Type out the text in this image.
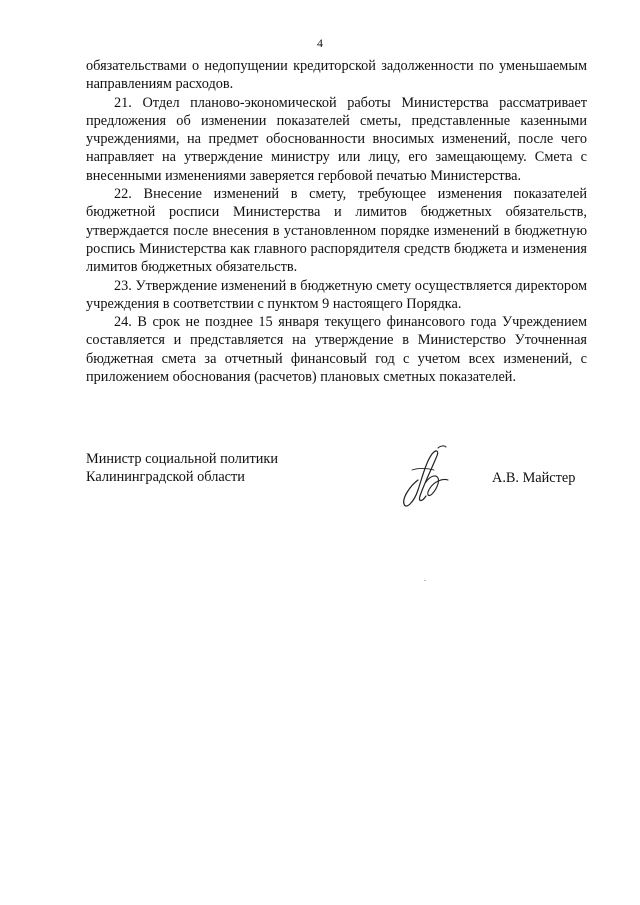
4

обязательствами о недопущении кредиторской задолженности по уменьшаемым направлениям расходов.

21. Отдел планово-экономической работы Министерства рассматривает предложения об изменении показателей сметы, представленные казенными учреждениями, на предмет обоснованности вносимых изменений, после чего направляет на утверждение министру или лицу, его замещающему. Смета с внесенными изменениями заверяется гербовой печатью Министерства.

22. Внесение изменений в смету, требующее изменения показателей бюджетной росписи Министерства и лимитов бюджетных обязательств, утверждается после внесения в установленном порядке изменений в бюджетную роспись Министерства как главного распорядителя средств бюджета и изменения лимитов бюджетных обязательств.

23. Утверждение изменений в бюджетную смету осуществляется директором учреждения в соответствии с пунктом 9 настоящего Порядка.

24. В срок не позднее 15 января текущего финансового года Учреждением составляется и представляется на утверждение в Министерство Уточненная бюджетная смета за отчетный финансовый год с учетом всех изменений, с приложением обоснования (расчетов) плановых сметных показателей.

Министр социальной политики
Калининградской области	А.В. Майстер
